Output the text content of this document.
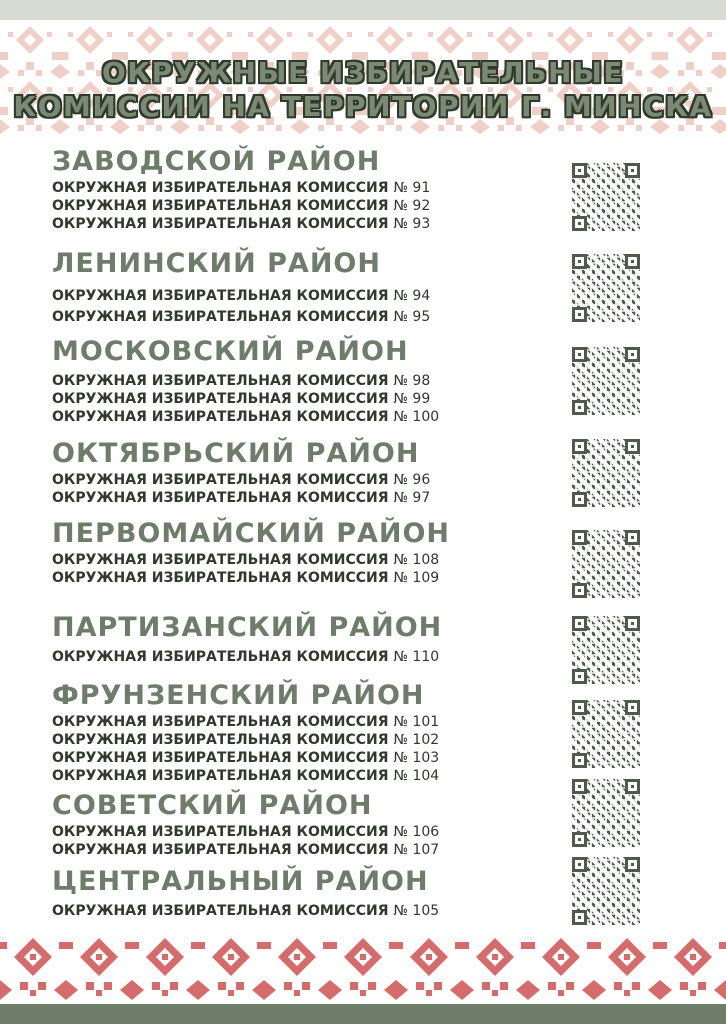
ОКРУЖНЫЕ ИЗБИРАТЕЛЬНЫЕ
КОМИССИИ НА ТЕРРИТОРИИ Г. МИНСКА
ЗАВОДСКОЙ РАЙОН
ОКРУЖНАЯ ИЗБИРАТЕЛЬНАЯ КОМИССИЯ № 91
ОКРУЖНАЯ ИЗБИРАТЕЛЬНАЯ КОМИССИЯ № 92
ОКРУЖНАЯ ИЗБИРАТЕЛЬНАЯ КОМИССИЯ № 93
ЛЕНИНСКИЙ РАЙОН
ОКРУЖНАЯ ИЗБИРАТЕЛЬНАЯ КОМИССИЯ № 94
ОКРУЖНАЯ ИЗБИРАТЕЛЬНАЯ КОМИССИЯ № 95
МОСКОВСКИЙ РАЙОН
ОКРУЖНАЯ ИЗБИРАТЕЛЬНАЯ КОМИССИЯ № 98
ОКРУЖНАЯ ИЗБИРАТЕЛЬНАЯ КОМИССИЯ № 99
ОКРУЖНАЯ ИЗБИРАТЕЛЬНАЯ КОМИССИЯ № 100
ОКТЯБРЬСКИЙ РАЙОН
ОКРУЖНАЯ ИЗБИРАТЕЛЬНАЯ КОМИССИЯ № 96
ОКРУЖНАЯ ИЗБИРАТЕЛЬНАЯ КОМИССИЯ № 97
ПЕРВОМАЙСКИЙ РАЙОН
ОКРУЖНАЯ ИЗБИРАТЕЛЬНАЯ КОМИССИЯ № 108
ОКРУЖНАЯ ИЗБИРАТЕЛЬНАЯ КОМИССИЯ № 109
ПАРТИЗАНСКИЙ РАЙОН
ОКРУЖНАЯ ИЗБИРАТЕЛЬНАЯ КОМИССИЯ № 110
ФРУНЗЕНСКИЙ РАЙОН
ОКРУЖНАЯ ИЗБИРАТЕЛЬНАЯ КОМИССИЯ № 101
ОКРУЖНАЯ ИЗБИРАТЕЛЬНАЯ КОМИССИЯ № 102
ОКРУЖНАЯ ИЗБИРАТЕЛЬНАЯ КОМИССИЯ № 103
ОКРУЖНАЯ ИЗБИРАТЕЛЬНАЯ КОМИССИЯ № 104
СОВЕТСКИЙ РАЙОН
ОКРУЖНАЯ ИЗБИРАТЕЛЬНАЯ КОМИССИЯ № 106
ОКРУЖНАЯ ИЗБИРАТЕЛЬНАЯ КОМИССИЯ № 107
ЦЕНТРАЛЬНЫЙ РАЙОН
ОКРУЖНАЯ ИЗБИРАТЕЛЬНАЯ КОМИССИЯ № 105
